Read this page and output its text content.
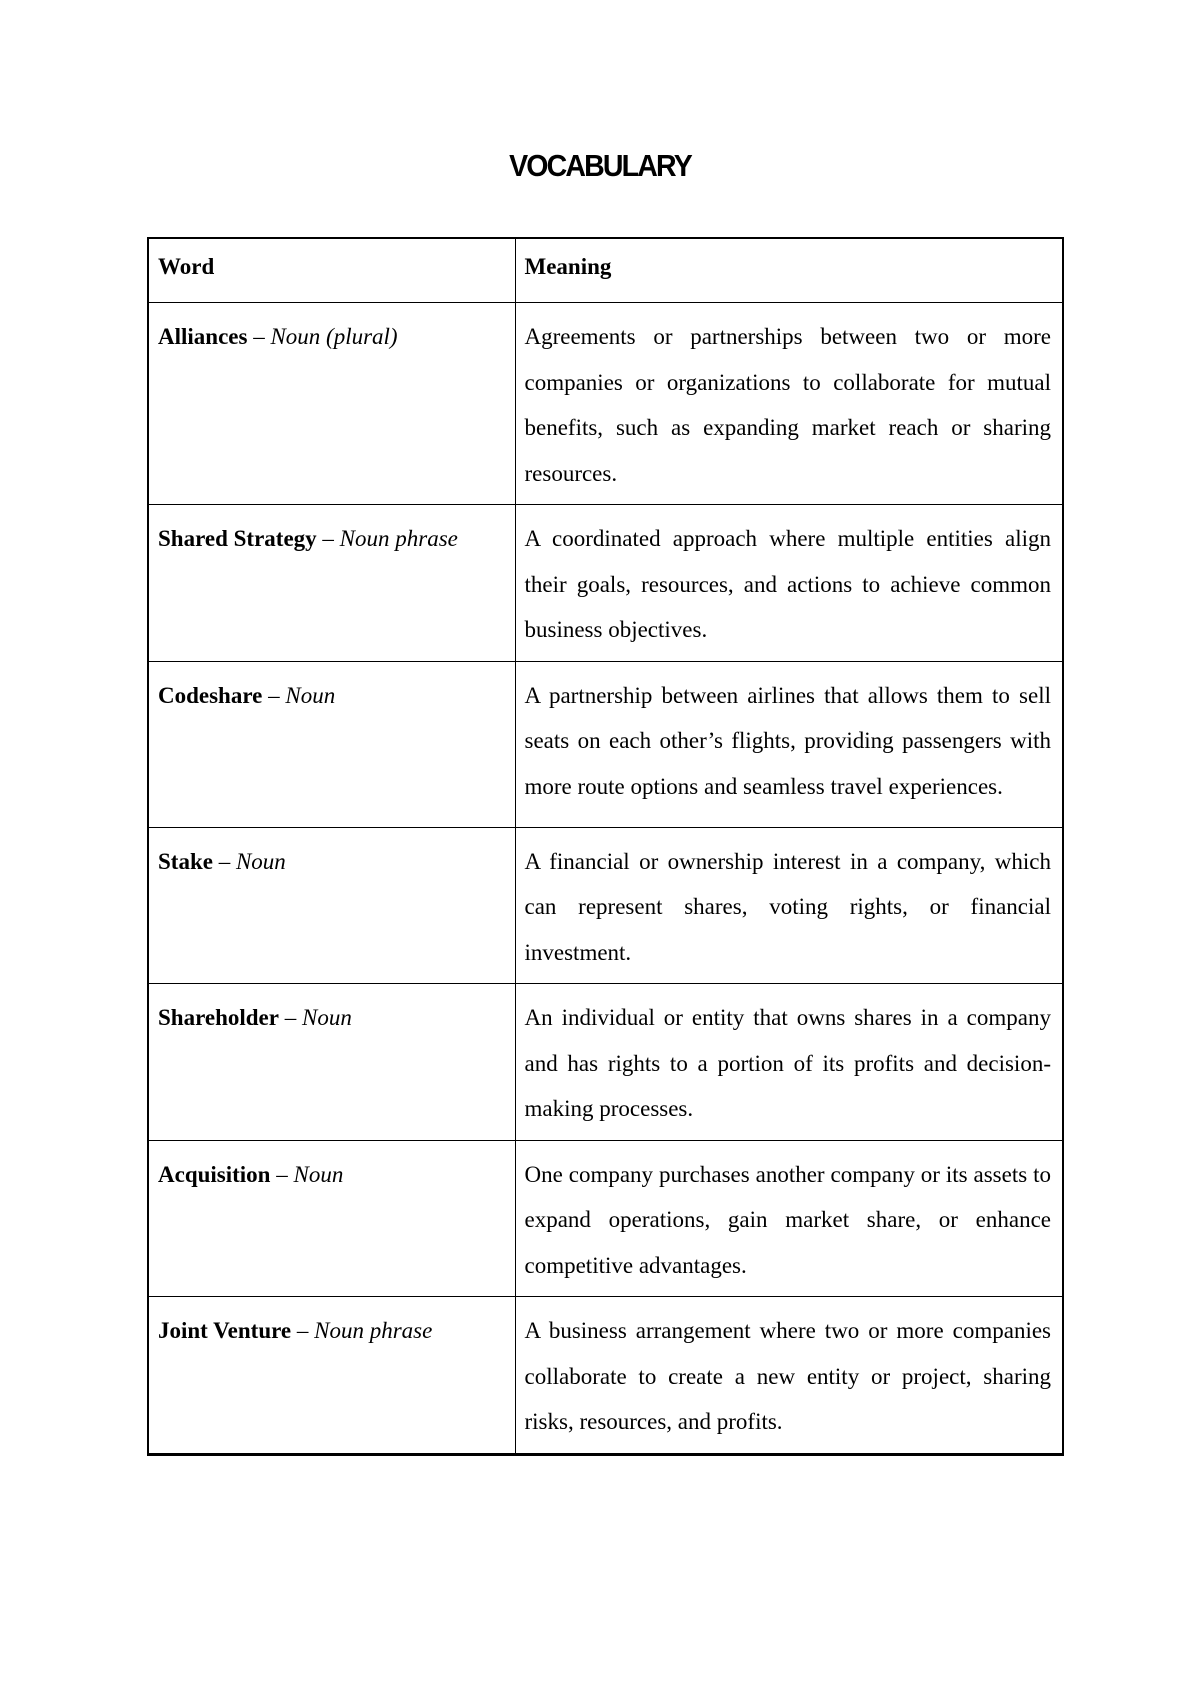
VOCABULARY
Word	Meaning
Alliances – Noun (plural)	Agreements or partnerships between two or more companies or organizations to collaborate for mutual benefits, such as expanding market reach or sharing resources.
Shared Strategy – Noun phrase	A coordinated approach where multiple entities align their goals, resources, and actions to achieve common business objectives.
Codeshare – Noun	A partnership between airlines that allows them to sell seats on each other’s flights, providing passengers with more route options and seamless travel experiences.
Stake – Noun	A financial or ownership interest in a company, which can represent shares, voting rights, or financial investment.
Shareholder – Noun	An individual or entity that owns shares in a company and has rights to a portion of its profits and decision-making processes.
Acquisition – Noun	One company purchases another company or its assets to expand operations, gain market share, or enhance competitive advantages.
Joint Venture – Noun phrase	A business arrangement where two or more companies collaborate to create a new entity or project, sharing risks, resources, and profits.
